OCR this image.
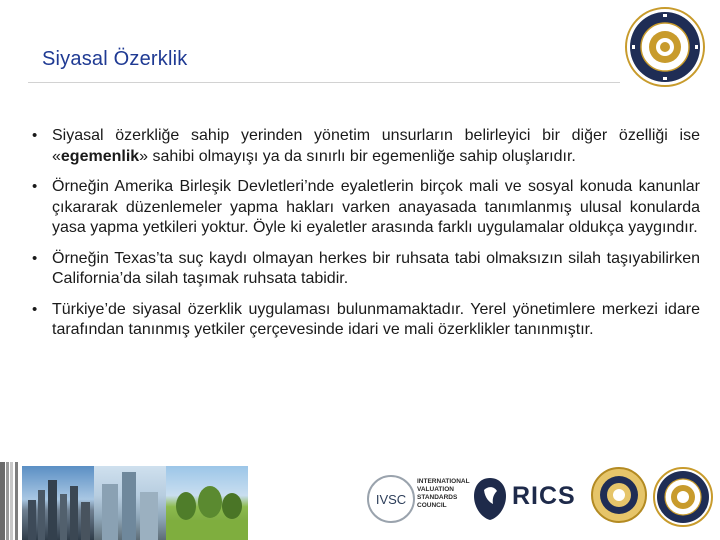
Siyasal Özerklik
• Siyasal özerkliğe sahip yerinden yönetim unsurların belirleyici bir diğer özelliği ise «egemenlik» sahibi olmayışı ya da sınırlı bir egemenliğe sahip oluşlarıdır.
• Örneğin Amerika Birleşik Devletleri’nde eyaletlerin birçok mali ve sosyal konuda kanunlar çıkararak düzenlemeler yapma hakları varken anayasada tanımlanmış ulusal konularda yasa yapma yetkileri yoktur. Öyle ki eyaletler arasında farklı uygulamalar oldukça yaygındır.
• Örneğin Texas’ta suç kaydı olmayan herkes bir ruhsata tabi olmaksızın silah taşıyabilirken California’da silah taşımak ruhsata tabidir.
• Türkiye’de siyasal özerklik uygulaması bulunmamaktadır. Yerel yönetimlere merkezi idare tarafından tanınmış yetkiler çerçevesinde idari ve mali özerklikler tanınmıştır.
IVSC
INTERNATIONAL VALUATION STANDARDS COUNCIL	RICS
